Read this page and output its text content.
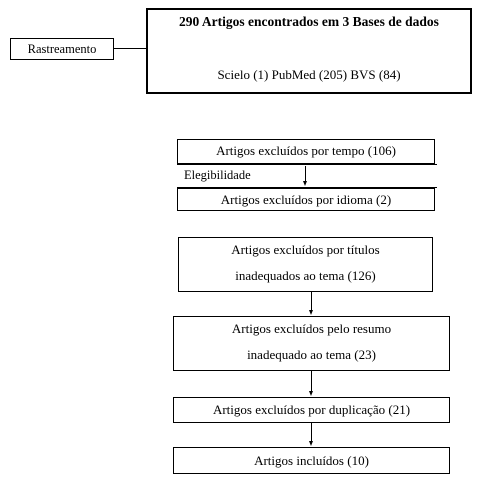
290 Artigos encontrados em 3 Bases de dados
Scielo (1) PubMed (205) BVS (84)
Rastreamento
Artigos excluídos por tempo (106)
Artigos excluídos por idioma (2)
Elegibilidade
Artigos excluídos por títulos
inadequados ao tema (126)
Artigos excluídos pelo resumo
inadequado ao tema (23)
Artigos excluídos por duplicação (21)
Artigos incluídos (10)
